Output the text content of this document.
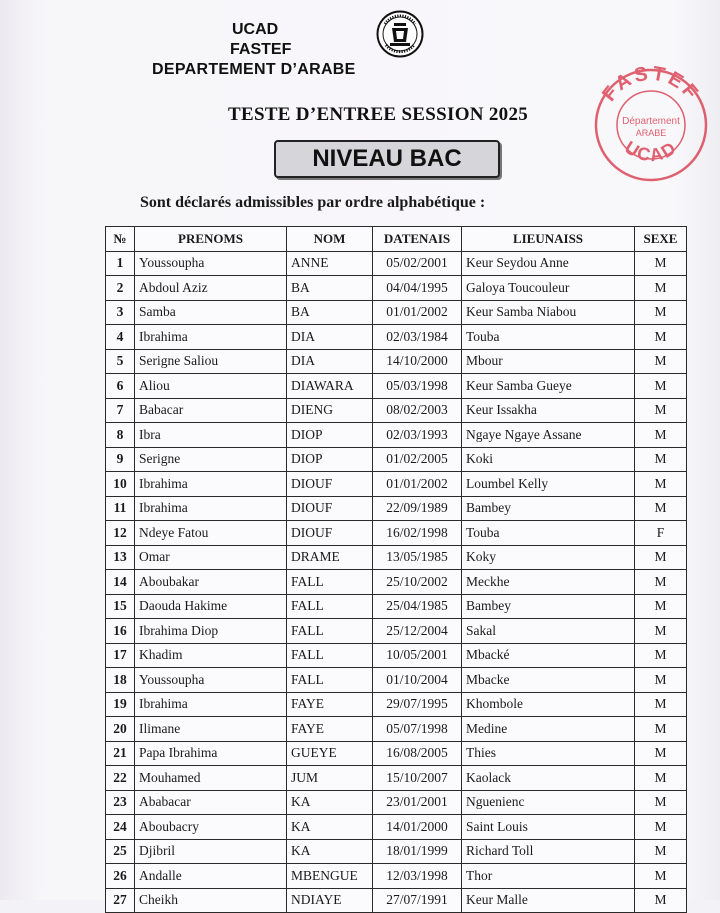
UCAD
FASTEF
DEPARTEMENT D’ARABE
FASTEF
UCAD
Département
ARABE
TESTE D’ENTREE SESSION 2025
NIVEAU BAC
Sont déclarés admissibles par ordre alphabétique :
№	PRENOMS	NOM	DATENAIS	LIEUNAISS	SEXE
1	Youssoupha	ANNE	05/02/2001	Keur Seydou Anne	M
2	Abdoul Aziz	BA	04/04/1995	Galoya Toucouleur	M
3	Samba	BA	01/01/2002	Keur Samba Niabou	M
4	Ibrahima	DIA	02/03/1984	Touba	M
5	Serigne Saliou	DIA	14/10/2000	Mbour	M
6	Aliou	DIAWARA	05/03/1998	Keur Samba Gueye	M
7	Babacar	DIENG	08/02/2003	Keur Issakha	M
8	Ibra	DIOP	02/03/1993	Ngaye Ngaye Assane	M
9	Serigne	DIOP	01/02/2005	Koki	M
10	Ibrahima	DIOUF	01/01/2002	Loumbel Kelly	M
11	Ibrahima	DIOUF	22/09/1989	Bambey	M
12	Ndeye Fatou	DIOUF	16/02/1998	Touba	F
13	Omar	DRAME	13/05/1985	Koky	M
14	Aboubakar	FALL	25/10/2002	Meckhe	M
15	Daouda Hakime	FALL	25/04/1985	Bambey	M
16	Ibrahima Diop	FALL	25/12/2004	Sakal	M
17	Khadim	FALL	10/05/2001	Mbacké	M
18	Youssoupha	FALL	01/10/2004	Mbacke	M
19	Ibrahima	FAYE	29/07/1995	Khombole	M
20	Ilimane	FAYE	05/07/1998	Medine	M
21	Papa Ibrahima	GUEYE	16/08/2005	Thies	M
22	Mouhamed	JUM	15/10/2007	Kaolack	M
23	Ababacar	KA	23/01/2001	Nguenienc	M
24	Aboubacry	KA	14/01/2000	Saint Louis	M
25	Djibril	KA	18/01/1999	Richard Toll	M
26	Andalle	MBENGUE	12/03/1998	Thor	M
27	Cheikh	NDIAYE	27/07/1991	Keur Malle	M
